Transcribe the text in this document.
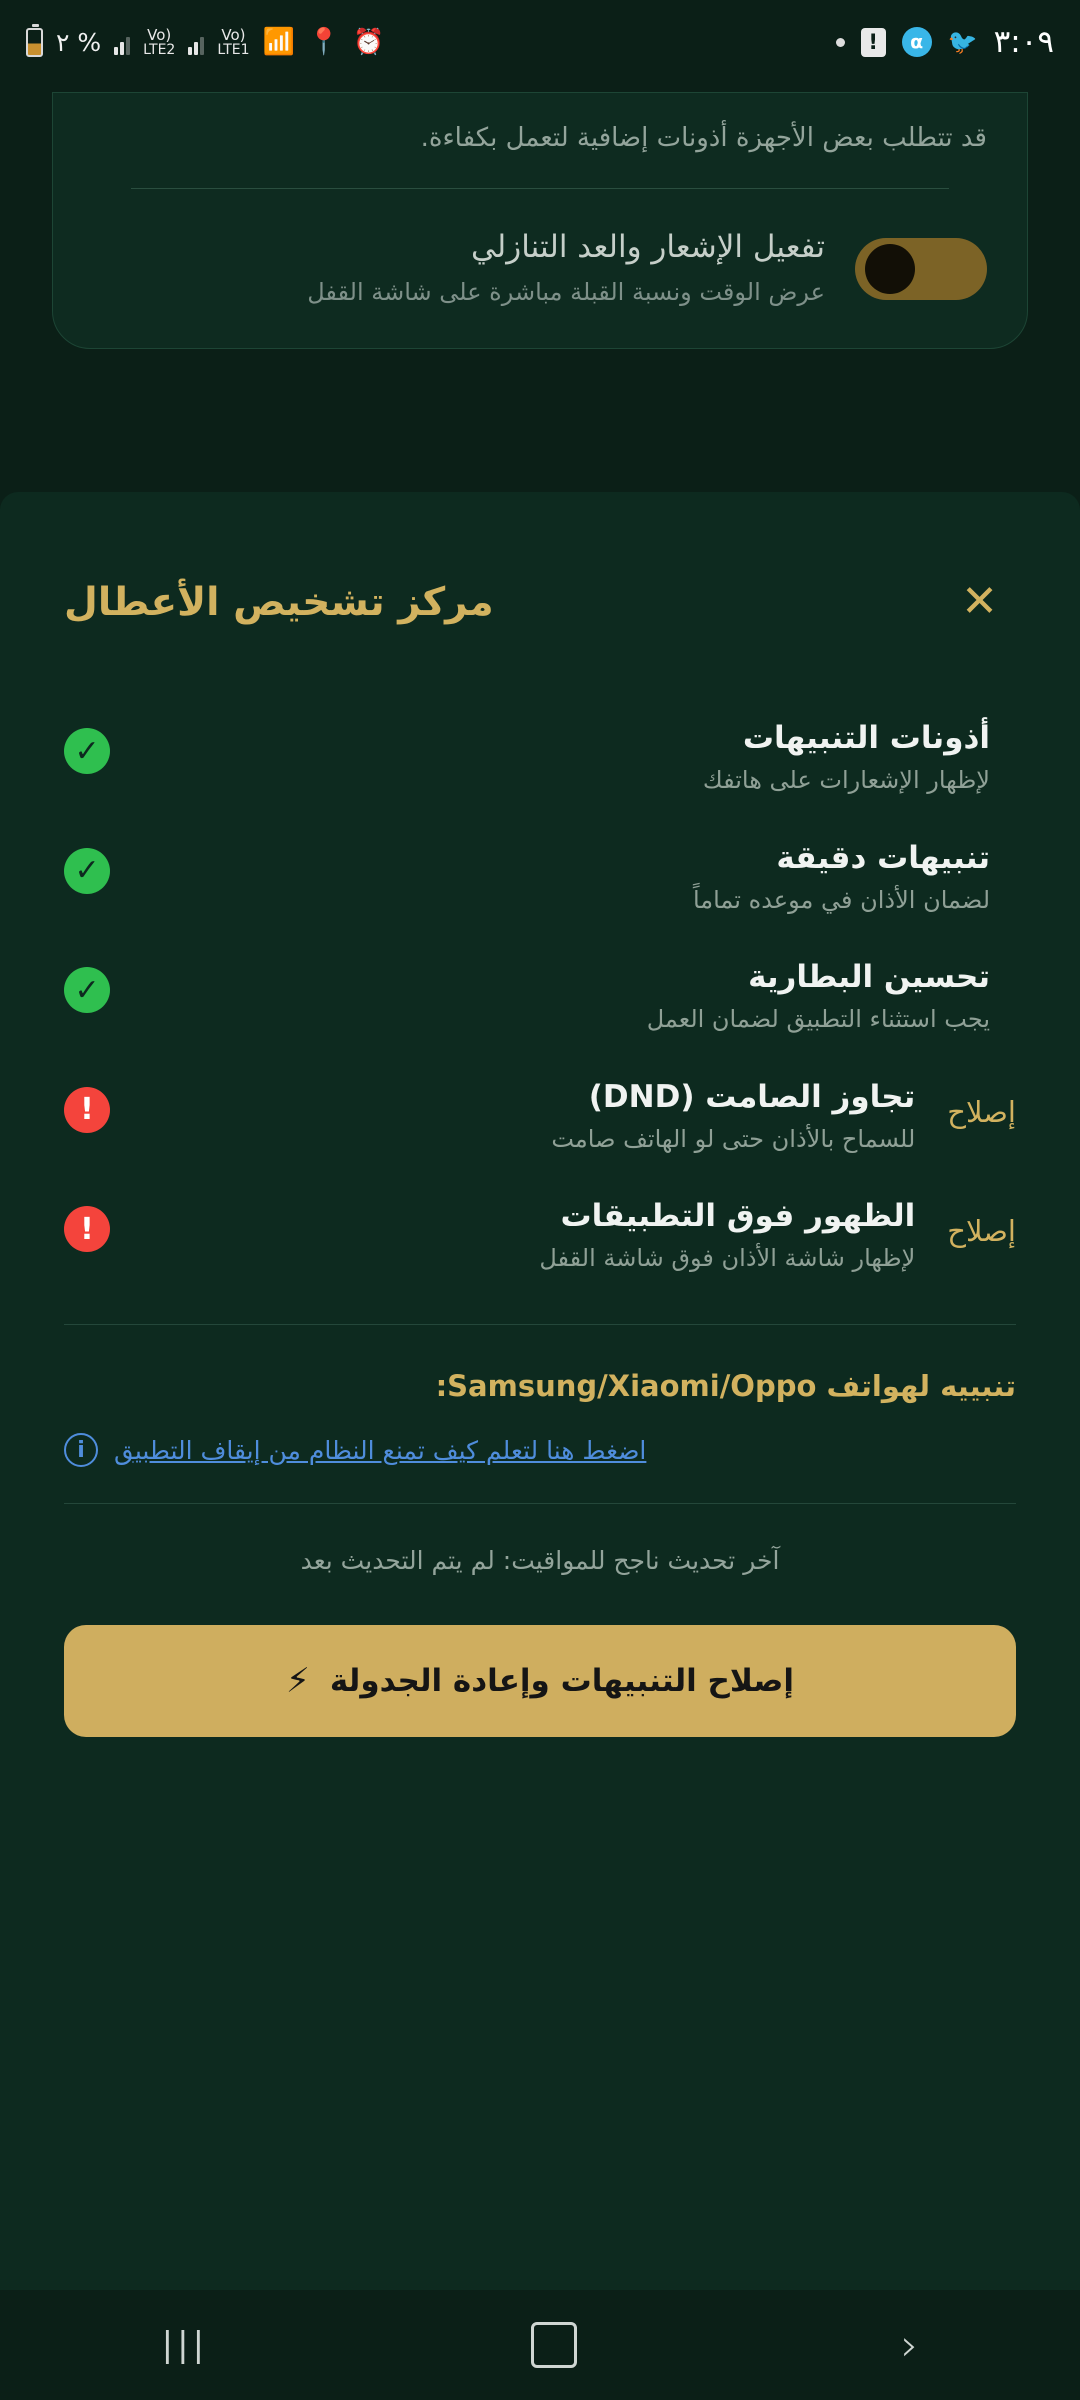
٢ %	Vo)
LTE2
Vo)
LTE1 📶 📍 ⏰	!	α	🐦 ٣:٠٩
قد تتطلب بعض الأجهزة أذونات إضافية لتعمل بكفاءة.
تفعيل الإشعار والعد التنازلي
عرض الوقت ونسبة القبلة مباشرة على شاشة القفل
✕
مركز تشخيص الأعطال
أذونات التنبيهات
لإظهار الإشعارات على هاتفك
✓
تنبيهات دقيقة
لضمان الأذان في موعده تماماً
✓
تحسين البطارية
يجب استثناء التطبيق لضمان العمل
✓
إصلاح
تجاوز الصامت (DND)
للسماح بالأذان حتى لو الهاتف صامت
!
إصلاح
الظهور فوق التطبيقات
لإظهار شاشة الأذان فوق شاشة القفل
!
تنبييه لهواتف Samsung/Xiaomi/Oppo:
اضغط هنا لتعلم كيف تمنع النظام من إيقاف التطبيق
i
آخر تحديث ناجح للمواقيت: لم يتم التحديث بعد
إصلاح التنبيهات وإعادة الجدولة
⚡
|||	›
